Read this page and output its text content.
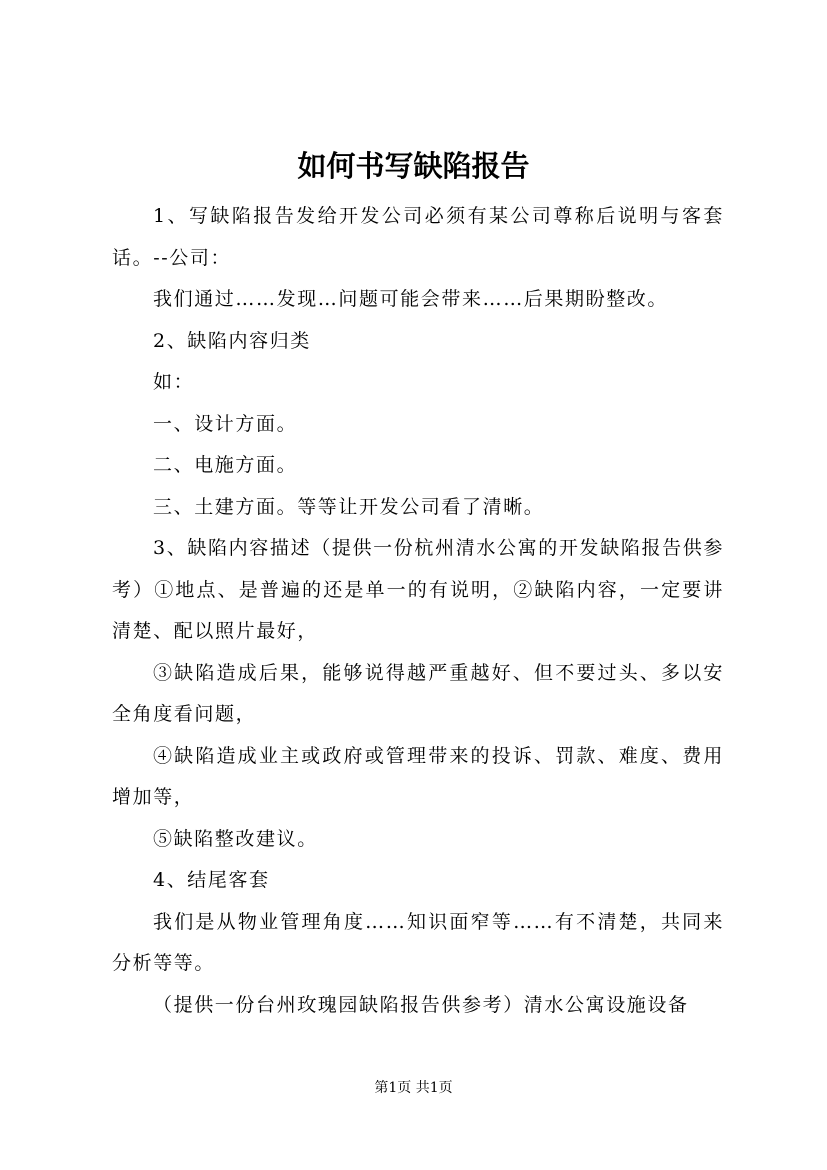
如何书写缺陷报告

1、写缺陷报告发给开发公司必须有某公司尊称后说明与客套话。--公司：

我们通过……发现…问题可能会带来……后果期盼整改。

2、缺陷内容归类

如：

一、设计方面。

二、电施方面。

三、土建方面。等等让开发公司看了清晰。

3、缺陷内容描述（提供一份杭州清水公寓的开发缺陷报告供参考）①地点、是普遍的还是单一的有说明，②缺陷内容，一定要讲清楚、配以照片最好，

③缺陷造成后果，能够说得越严重越好、但不要过头、多以安全角度看问题，

④缺陷造成业主或政府或管理带来的投诉、罚款、难度、费用增加等，

⑤缺陷整改建议。

4、结尾客套

我们是从物业管理角度……知识面窄等……有不清楚，共同来分析等等。

（提供一份台州玫瑰园缺陷报告供参考）清水公寓设施设备

第1页 共1页
